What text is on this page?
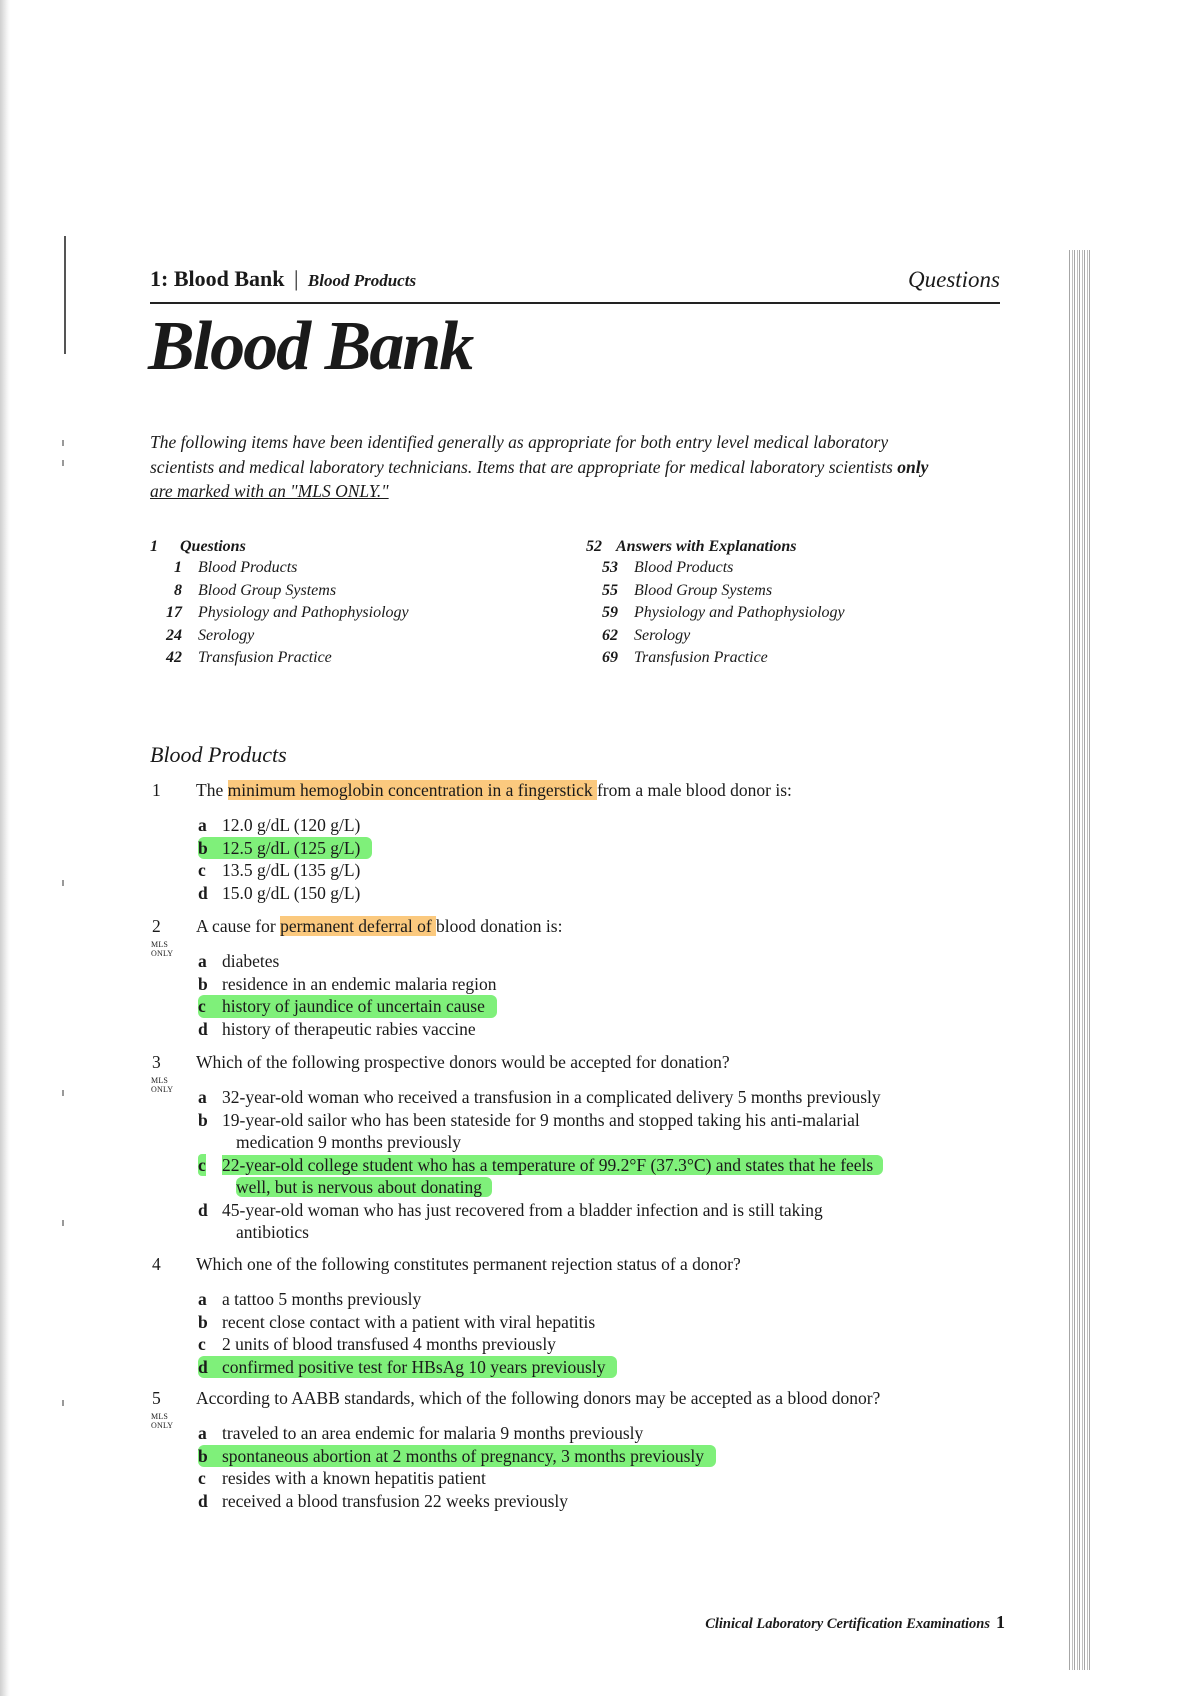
1: Blood Bank | Blood Products	Questions
Blood Bank
The following items have been identified generally as appropriate for both entry level medical laboratory
scientists and medical laboratory technicians. Items that are appropriate for medical laboratory scientists only
are marked with an "MLS ONLY."
1 Questions
1 Blood Products
8 Blood Group Systems
17 Physiology and Pathophysiology
24 Serology
42 Transfusion Practice
52 Answers with Explanations
53 Blood Products
55 Blood Group Systems
59 Physiology and Pathophysiology
62 Serology
69 Transfusion Practice
Blood Products
1 The minimum hemoglobin concentration in a fingerstick from a male blood donor is:
a 12.0 g/dL (120 g/L)
b 12.5 g/dL (125 g/L)
c 13.5 g/dL (135 g/L)
d 15.0 g/dL (150 g/L)
2
MLS ONLY
A cause for permanent deferral of blood donation is:
a diabetes
b residence in an endemic malaria region
c history of jaundice of uncertain cause
d history of therapeutic rabies vaccine
3
MLS ONLY
Which of the following prospective donors would be accepted for donation?
a 32-year-old woman who received a transfusion in a complicated delivery 5 months previously
b 19-year-old sailor who has been stateside for 9 months and stopped taking his anti-malarial
medication 9 months previously
c 22-year-old college student who has a temperature of 99.2°F (37.3°C) and states that he feels
well, but is nervous about donating
d 45-year-old woman who has just recovered from a bladder infection and is still taking
antibiotics
4 Which one of the following constitutes permanent rejection status of a donor?
a a tattoo 5 months previously
b recent close contact with a patient with viral hepatitis
c 2 units of blood transfused 4 months previously
d confirmed positive test for HBsAg 10 years previously
5
MLS ONLY
According to AABB standards, which of the following donors may be accepted as a blood donor?
a traveled to an area endemic for malaria 9 months previously
b spontaneous abortion at 2 months of pregnancy, 3 months previously
c resides with a known hepatitis patient
d received a blood transfusion 22 weeks previously
Clinical Laboratory Certification Examinations 1
